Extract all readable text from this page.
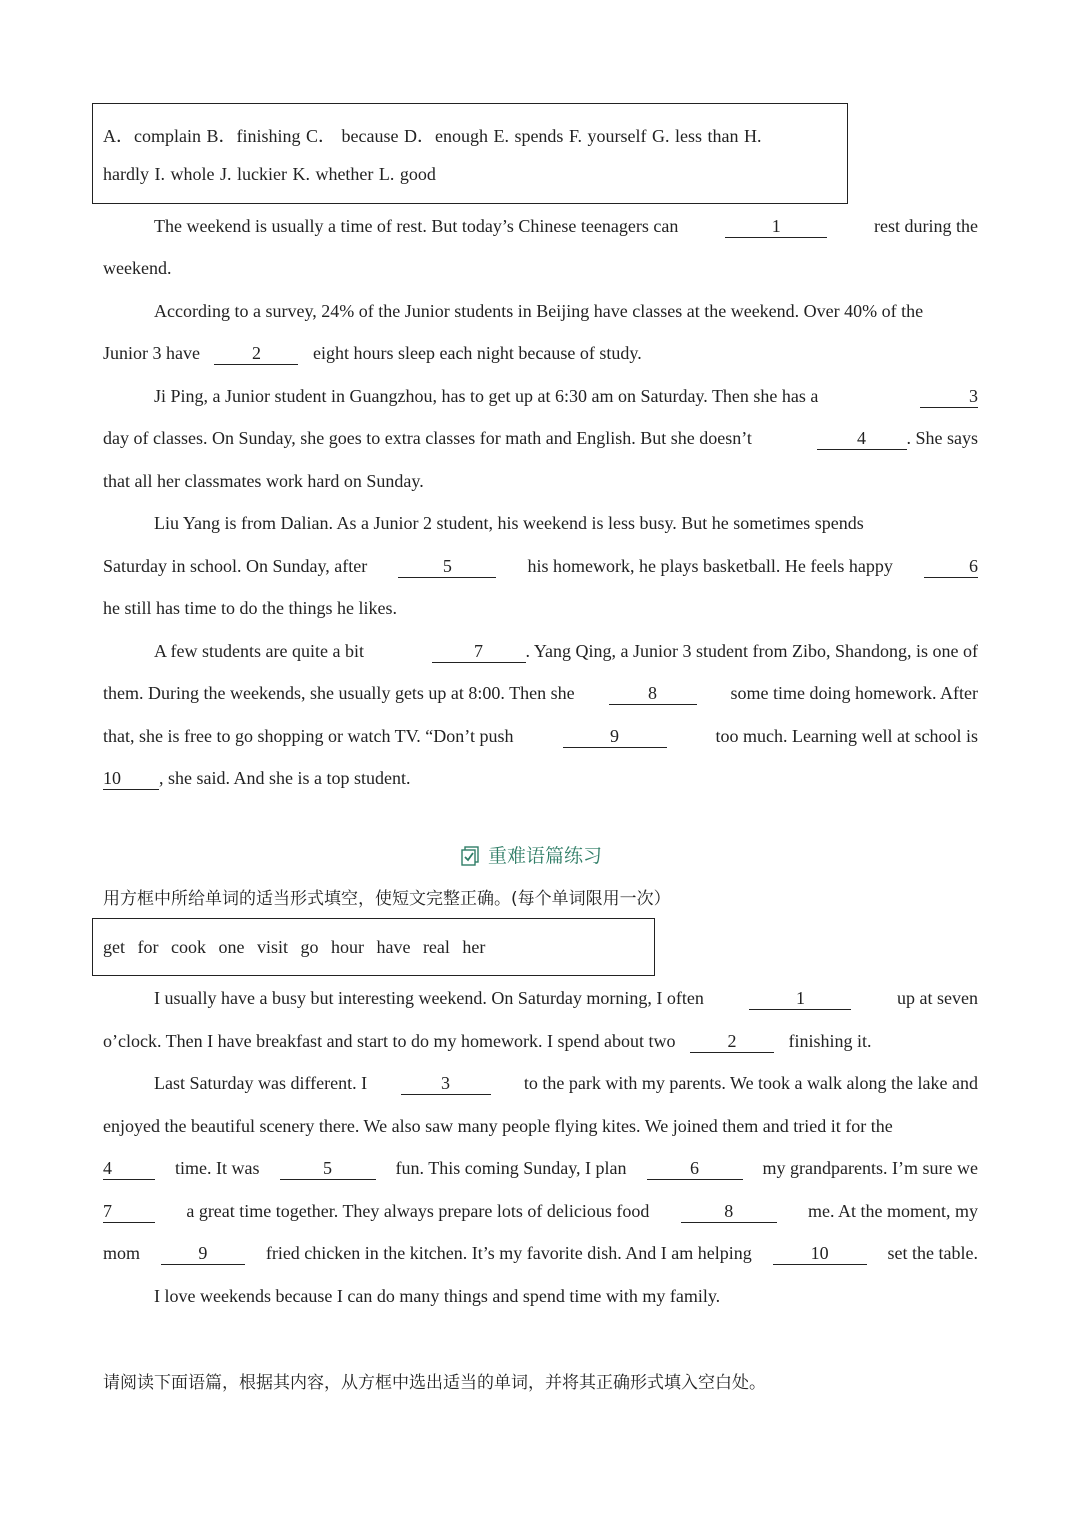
A．complain B．finishing C． because D．enough E. spends F. yourself G. less than H.
hardly I. whole J. luckier K. whether L. good
The weekend is usually a time of rest. But today’s Chinese teenagers can	1	rest during the
weekend.
According to a survey, 24% of the Junior students in Beijing have classes at the weekend. Over 40% of the
Junior 3 have	2	eight hours sleep each night because of study.
Ji Ping, a Junior student in Guangzhou, has to get up at 6:30 am on Saturday. Then she has a	3
day of classes. On Sunday, she goes to extra classes for math and English. But she doesn’t	4 . She says
that all her classmates work hard on Sunday.
Liu Yang is from Dalian. As a Junior 2 student, his weekend is less busy. But he sometimes spends
Saturday in school. On Sunday, after	5	his homework, he plays basketball. He feels happy	6
he still has time to do the things he likes.
A few students are quite a bit	7 . Yang Qing, a Junior 3 student from Zibo, Shandong, is one of
them. During the weekends, she usually gets up at 8:00. Then she	8	some time doing homework. After
that, she is free to go shopping or watch TV. “Don’t push	9	too much. Learning well at school is
10 , she said. And she is a top student.
重难语篇练习
用方框中所给单词的适当形式填空，使短文完整正确。(每个单词限用一次）
get for cook one visit go hour have real her
I usually have a busy but interesting weekend. On Saturday morning, I often	1	up at seven
o’clock. Then I have breakfast and start to do my homework. I spend about two	2	finishing it.
Last Saturday was different. I	3	to the park with my parents. We took a walk along the lake and
enjoyed the beautiful scenery there. We also saw many people flying kites. We joined them and tried it for the
4	time. It was	5	fun. This coming Sunday, I plan	6	my grandparents. I’m sure we
7	a great time together. They always prepare lots of delicious food	8	me. At the moment, my
mom	9	fried chicken in the kitchen. It’s my favorite dish. And I am helping	10	set the table.
I love weekends because I can do many things and spend time with my family.
请阅读下面语篇，根据其内容，从方框中选出适当的单词，并将其正确形式填入空白处。
